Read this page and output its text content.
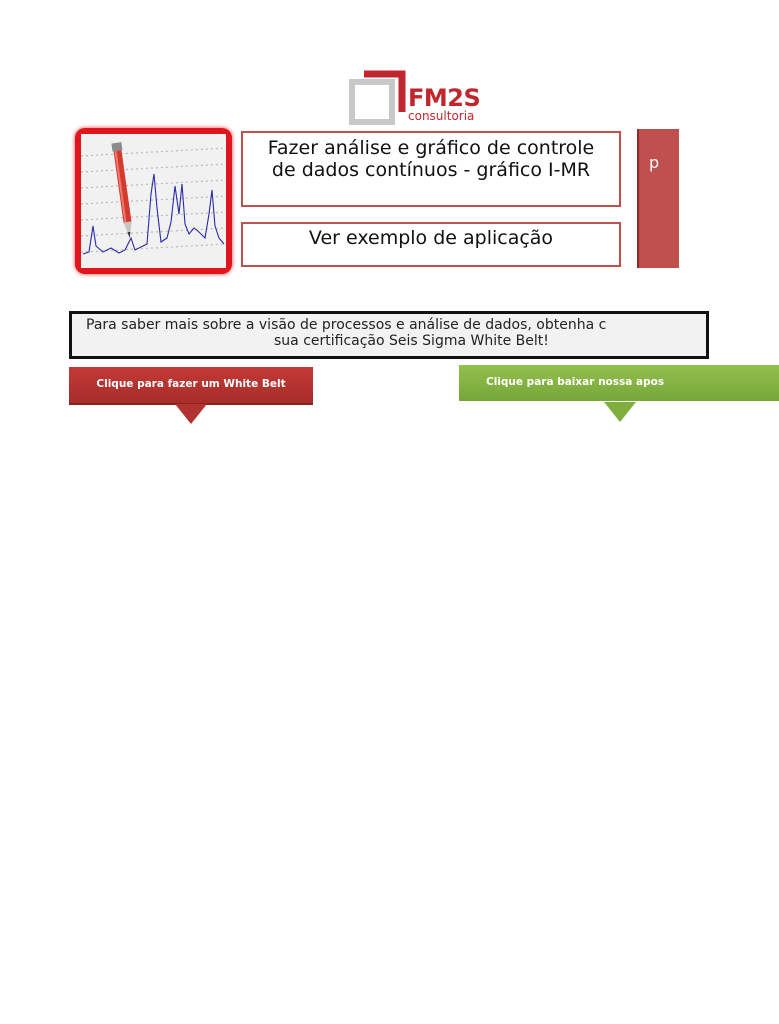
FM2S
consultoria
Fazer análise e gráfico de controle
de dados contínuos - gráfico I-MR
Ver exemplo de aplicação
p
Para saber mais sobre a visão de processos e análise de dados, obtenha c
sua certificação Seis Sigma White Belt!
Clique para fazer um White Belt	Clique para baixar nossa apos
